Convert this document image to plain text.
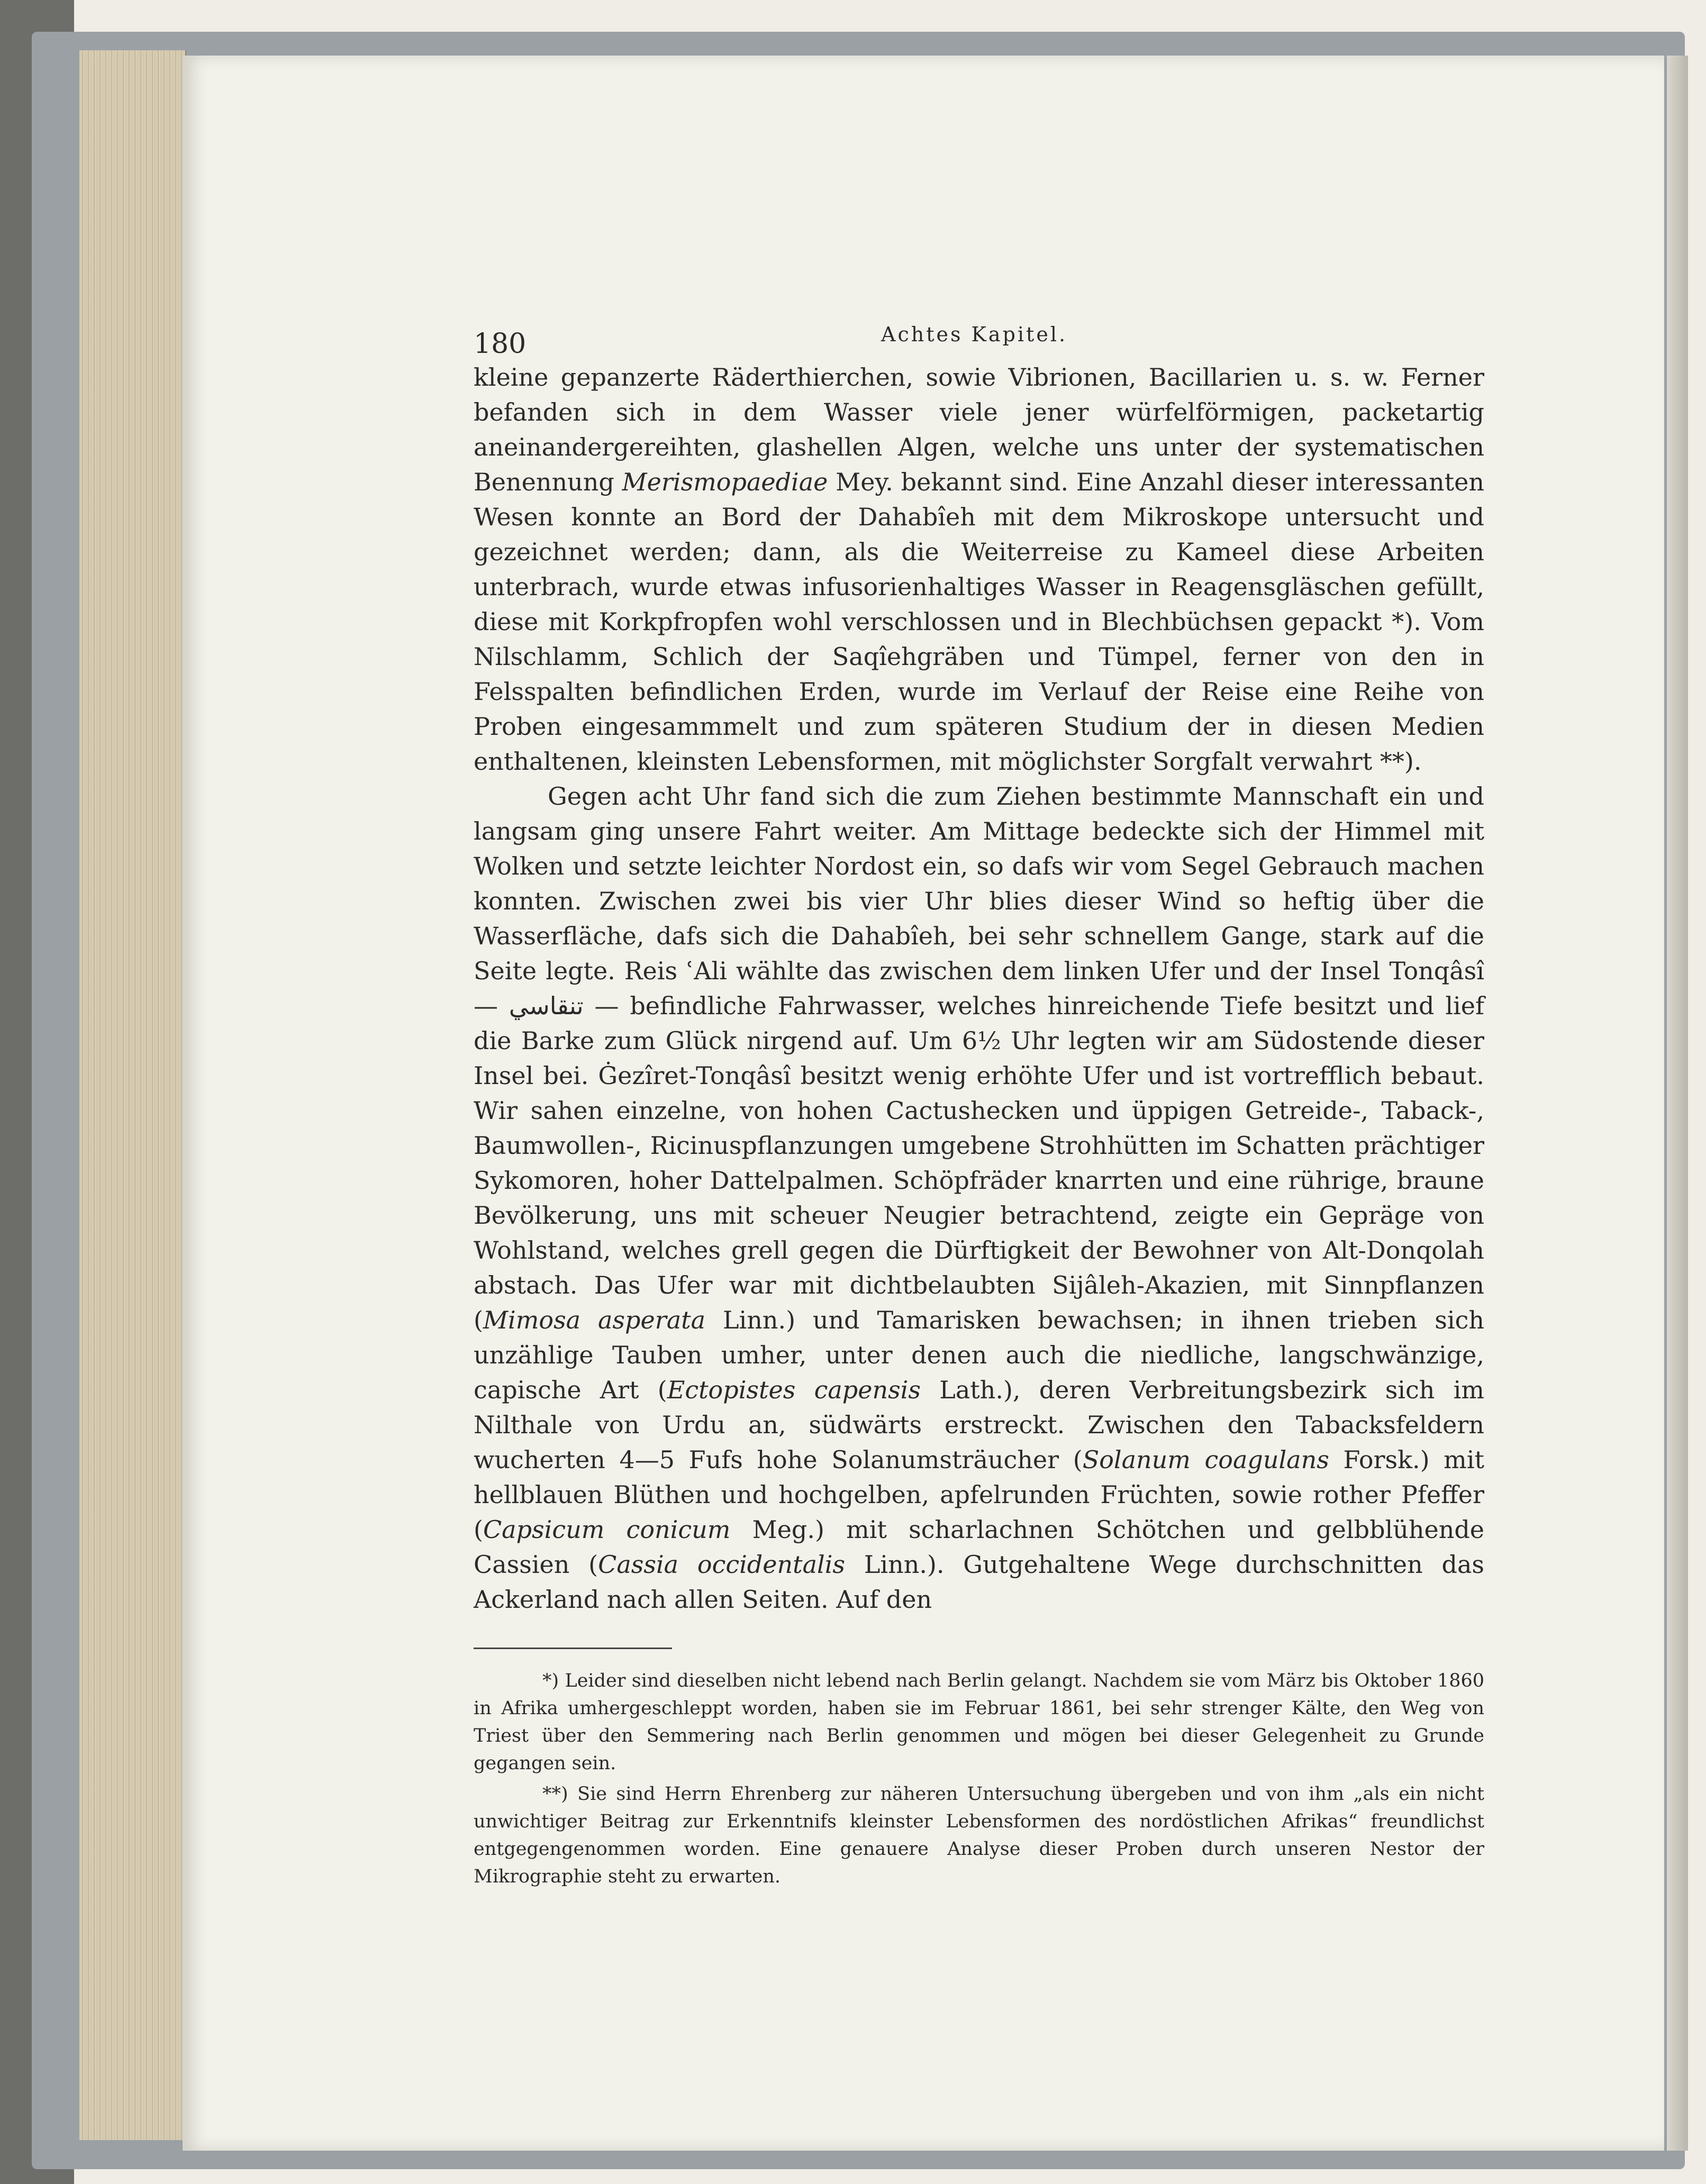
180	Achtes Kapitel.

kleine gepanzerte Räderthierchen, sowie Vibrionen, Bacillarien u. s. w. Ferner befanden sich in dem Wasser viele jener würfelförmigen, packetartig aneinandergereihten, glashellen Algen, welche uns unter der systematischen Benennung Merismopaediae Mey. bekannt sind. Eine Anzahl dieser interessanten Wesen konnte an Bord der Dahabîeh mit dem Mikroskope untersucht und gezeichnet werden; dann, als die Weiterreise zu Kameel diese Arbeiten unterbrach, wurde etwas infusorienhaltiges Wasser in Reagensgläschen gefüllt, diese mit Korkpfropfen wohl verschlossen und in Blechbüchsen gepackt *). Vom Nilschlamm, Schlich der Saqîehgräben und Tümpel, ferner von den in Felsspalten befindlichen Erden, wurde im Verlauf der Reise eine Reihe von Proben eingesammmelt und zum späteren Studium der in diesen Medien enthaltenen, kleinsten Lebensformen, mit möglichster Sorgfalt verwahrt **).

Gegen acht Uhr fand sich die zum Ziehen bestimmte Mannschaft ein und langsam ging unsere Fahrt weiter. Am Mittage bedeckte sich der Himmel mit Wolken und setzte leichter Nordost ein, so dafs wir vom Segel Gebrauch machen konnten. Zwischen zwei bis vier Uhr blies dieser Wind so heftig über die Wasserfläche, dafs sich die Dahabîeh, bei sehr schnellem Gange, stark auf die Seite legte. Reis ʿAli wählte das zwischen dem linken Ufer und der Insel Tonqâsî — تنقاسي — befindliche Fahrwasser, welches hinreichende Tiefe besitzt und lief die Barke zum Glück nirgend auf. Um 6½ Uhr legten wir am Südostende dieser Insel bei. Ġezîret-Tonqâsî besitzt wenig erhöhte Ufer und ist vortrefflich bebaut. Wir sahen einzelne, von hohen Cactushecken und üppigen Getreide-, Taback-, Baumwollen-, Ricinuspflanzungen umgebene Strohhütten im Schatten prächtiger Sykomoren, hoher Dattelpalmen. Schöpfräder knarrten und eine rührige, braune Bevölkerung, uns mit scheuer Neugier betrachtend, zeigte ein Gepräge von Wohlstand, welches grell gegen die Dürftigkeit der Bewohner von Alt-Donqolah abstach. Das Ufer war mit dichtbelaubten Sijâleh-Akazien, mit Sinnpflanzen (Mimosa asperata Linn.) und Tamarisken bewachsen; in ihnen trieben sich unzählige Tauben umher, unter denen auch die niedliche, langschwänzige, capische Art (Ectopistes capensis Lath.), deren Verbreitungsbezirk sich im Nilthale von Urdu an, südwärts erstreckt. Zwischen den Tabacksfeldern wucherten 4—5 Fufs hohe Solanumsträucher (Solanum coagulans Forsk.) mit hellblauen Blüthen und hochgelben, apfelrunden Früchten, sowie rother Pfeffer (Capsicum conicum Meg.) mit scharlachnen Schötchen und gelbblühende Cassien (Cassia occidentalis Linn.). Gutgehaltene Wege durchschnitten das Ackerland nach allen Seiten. Auf den

*) Leider sind dieselben nicht lebend nach Berlin gelangt. Nachdem sie vom März bis Oktober 1860 in Afrika umhergeschleppt worden, haben sie im Februar 1861, bei sehr strenger Kälte, den Weg von Triest über den Semmering nach Berlin genommen und mögen bei dieser Gelegenheit zu Grunde gegangen sein.

**) Sie sind Herrn Ehrenberg zur näheren Untersuchung übergeben und von ihm „als ein nicht unwichtiger Beitrag zur Erkenntnifs kleinster Lebensformen des nordöstlichen Afrikas“ freundlichst entgegengenommen worden. Eine genauere Analyse dieser Proben durch unseren Nestor der Mikrographie steht zu erwarten.
